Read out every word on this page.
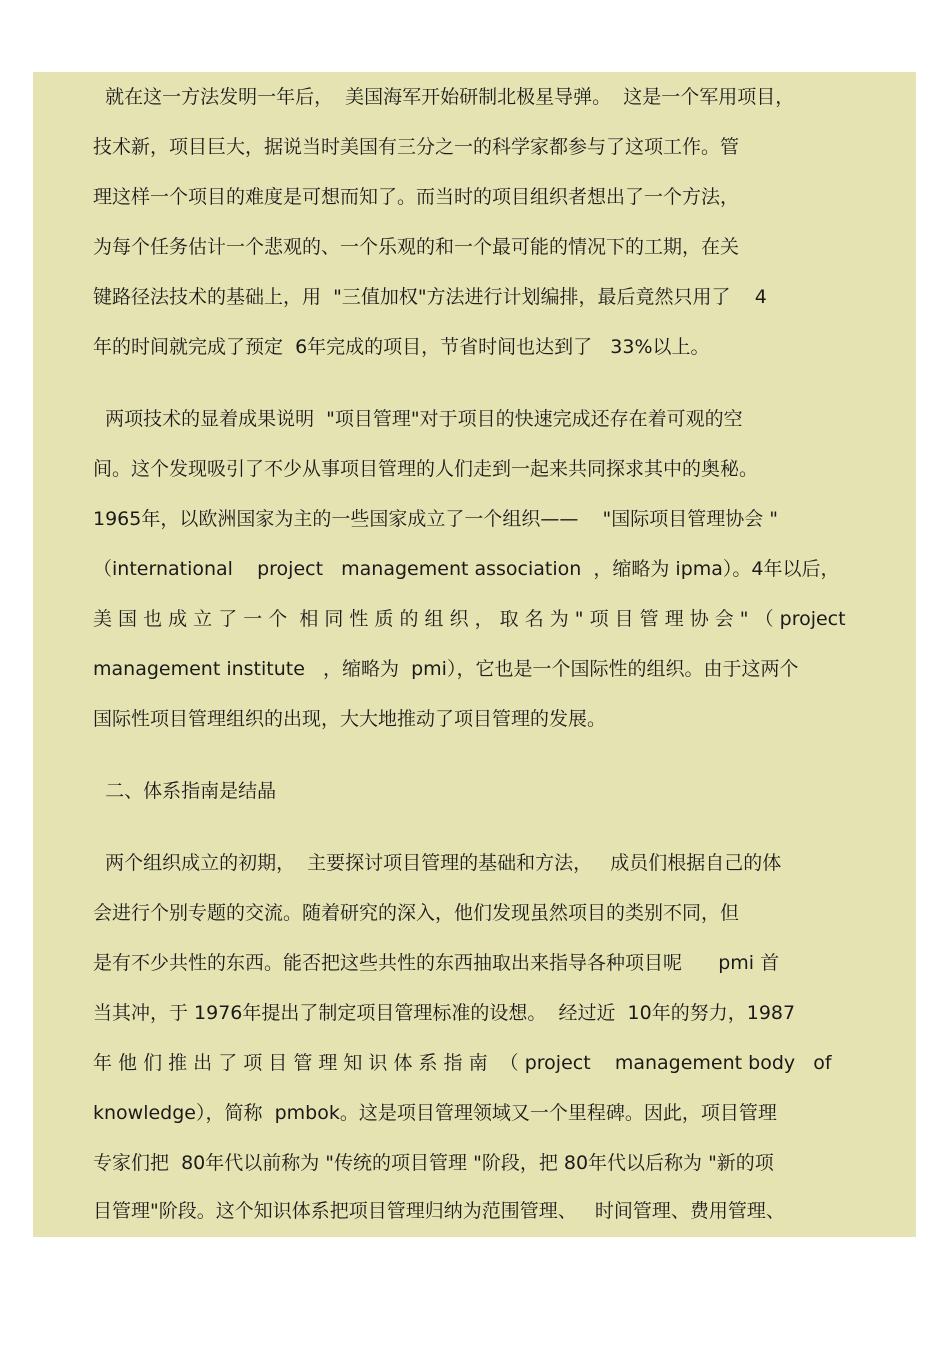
就在这一方法发明一年后，  美国海军开始研制北极星导弹。  这是一个军用项目，
技术新，项目巨大，据说当时美国有三分之一的科学家都参与了这项工作。管
理这样一个项目的难度是可想而知了。而当时的项目组织者想出了一个方法，
为每个任务估计一个悲观的、一个乐观的和一个最可能的情况下的工期，在关
键路径法技术的基础上，用  "三值加权"方法进行计划编排，最后竟然只用了    4
年的时间就完成了预定  6年完成的项目，节省时间也达到了   33%以上。
两项技术的显着成果说明  "项目管理"对于项目的快速完成还存在着可观的空
间。这个发现吸引了不少从事项目管理的人们走到一起来共同探求其中的奥秘。
1965年，以欧洲国家为主的一些国家成立了一个组织——    "国际项目管理协会 "
（international    project   management association  ，缩略为 ipma）。4年以后，
美 国 也 成 立 了 一 个  相 同 性 质 的 组 织 ， 取 名 为 " 项 目 管 理 协 会 " （ project
management institute   ，缩略为  pmi），它也是一个国际性的组织。由于这两个
国际性项目管理组织的出现，大大地推动了项目管理的发展。
二、体系指南是结晶
两个组织成立的初期，  主要探讨项目管理的基础和方法，   成员们根据自己的体
会进行个别专题的交流。随着研究的深入，他们发现虽然项目的类别不同，但
是有不少共性的东西。能否把这些共性的东西抽取出来指导各种项目呢      pmi 首
当其冲，于 1976年提出了制定项目管理标准的设想。  经过近  10年的努力，1987
年 他 们 推 出 了 项 目 管 理 知 识 体 系 指 南  （ project    management body   of
knowledge），简称  pmbok。这是项目管理领域又一个里程碑。因此，项目管理
专家们把  80年代以前称为 "传统的项目管理 "阶段，把 80年代以后称为 "新的项
目管理"阶段。这个知识体系把项目管理归纳为范围管理、   时间管理、费用管理、
